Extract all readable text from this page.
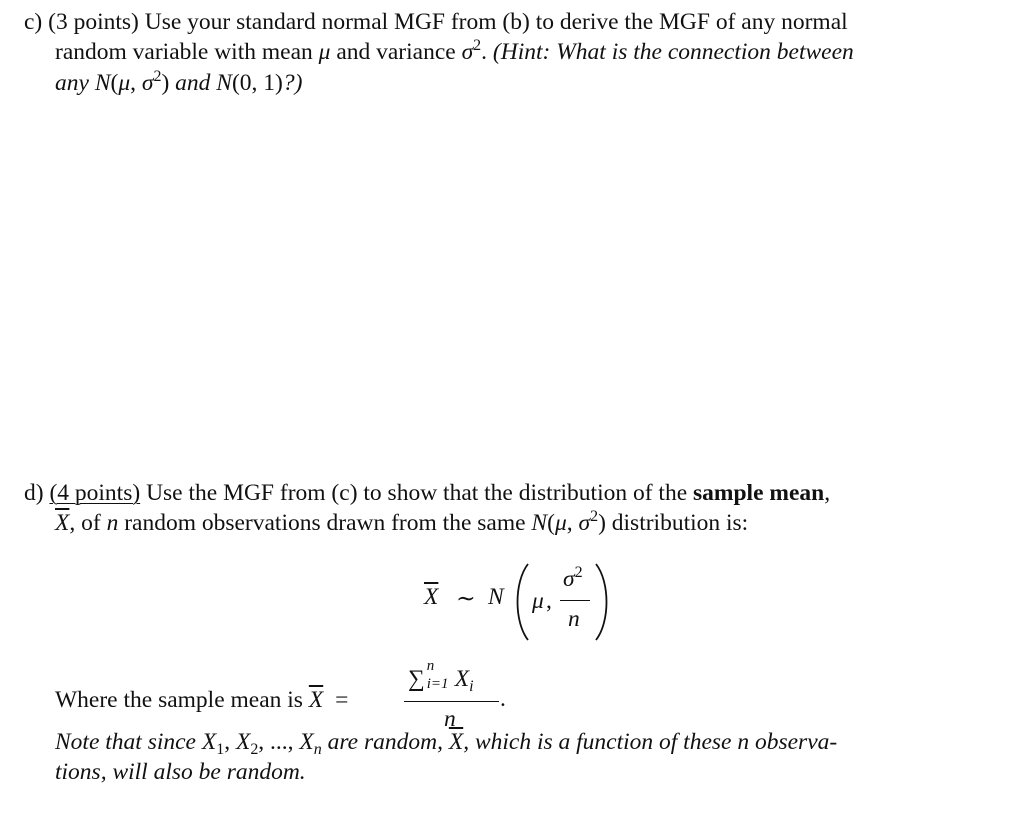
c) (3 points) Use your standard normal MGF from (b) to derive the MGF of any normal
random variable with mean μ and variance $\sigma^2$. (Hint: What is the connection between
any N(μ, $\sigma^2$) and N(0, 1)?)
d) (4 points) Use the MGF from (c) to show that the distribution of the sample mean,
$\overline{X}$, of n random observations drawn from the same N(μ, $\sigma^2$) distribution is:
$\overline{X}$ ∼ N μ ,
$\sigma^2$
n
Where the sample mean is $\overline{X}$ =
∑ n
i=1 $X_i$
n
.
Note that since $X_1$, $X_2$, ..., $X_n$ are random, $\overline{X}$, which is a function of these n observa-
tions, will also be random.
